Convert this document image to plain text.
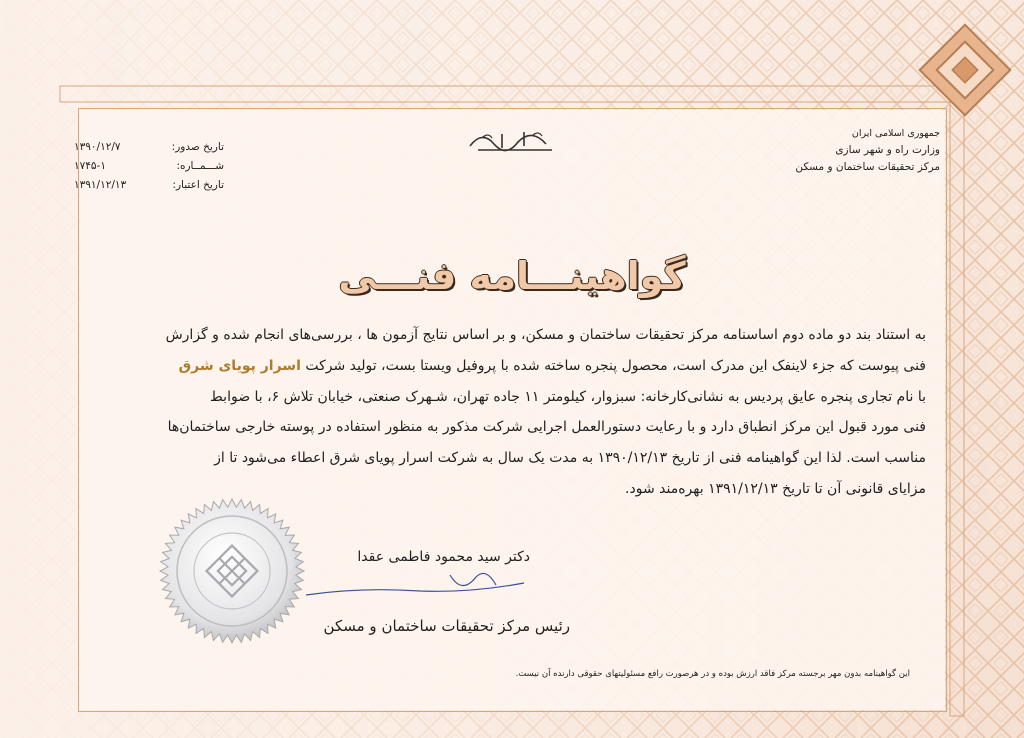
تاریخ صدور:
۱۳۹۰/۱۲/۷
شـــمــاره:
۱۷۴۵-۱
تاریخ اعتبار:
۱۳۹۱/۱۲/۱۳
جمهوری اسلامی ایران
وزارت راه و شهر سازی
مرکز تحقیقات ساختمان و مسکن
گواهینـــامه فنـــی

به استناد بند دو ماده دوم اساسنامه مرکز تحقیقات ساختمان و مسکن، و بر اساس نتایج آزمون ها ، بررسی‌های انجام شده و گزارش

فنی پیوست که جزء لاینفک این مدرک است، محصول پنجره ساخته شده با پروفیل ویستا بست، تولید شرکت اسرار پویای شرق

با نام تجاری پنجره عایق پردیس به نشانی‌کارخانه: سبزوار، کیلومتر ۱۱ جاده تهران، شـهرک صنعتی، خیابان تلاش ۶، با ضوابط

فنی مورد قبول این مرکز انطباق دارد و با رعایت دستورالعمل اجرایی شرکت مذکور به منظور استفاده در پوسته خارجی ساختمان‌ها

مناسب است. لذا این گواهینامه فنی از تاریخ ۱۳۹۰/۱۲/۱۳ به مدت یک سال به شرکت اسرار پویای شرق اعطاء می‌شود تا از

مزایای قانونی آن تا تاریخ ۱۳۹۱/۱۲/۱۳ بهره‌مند شود.

دکتر سید محمود فاطمی عقدا
رئیس مرکز تحقیقات ساختمان و مسکن
این گواهینامه بدون مهر برجسته مرکز فاقد ارزش بوده و در هرصورت رافع مسئولیتهای حقوقی دارنده آن نیست.
